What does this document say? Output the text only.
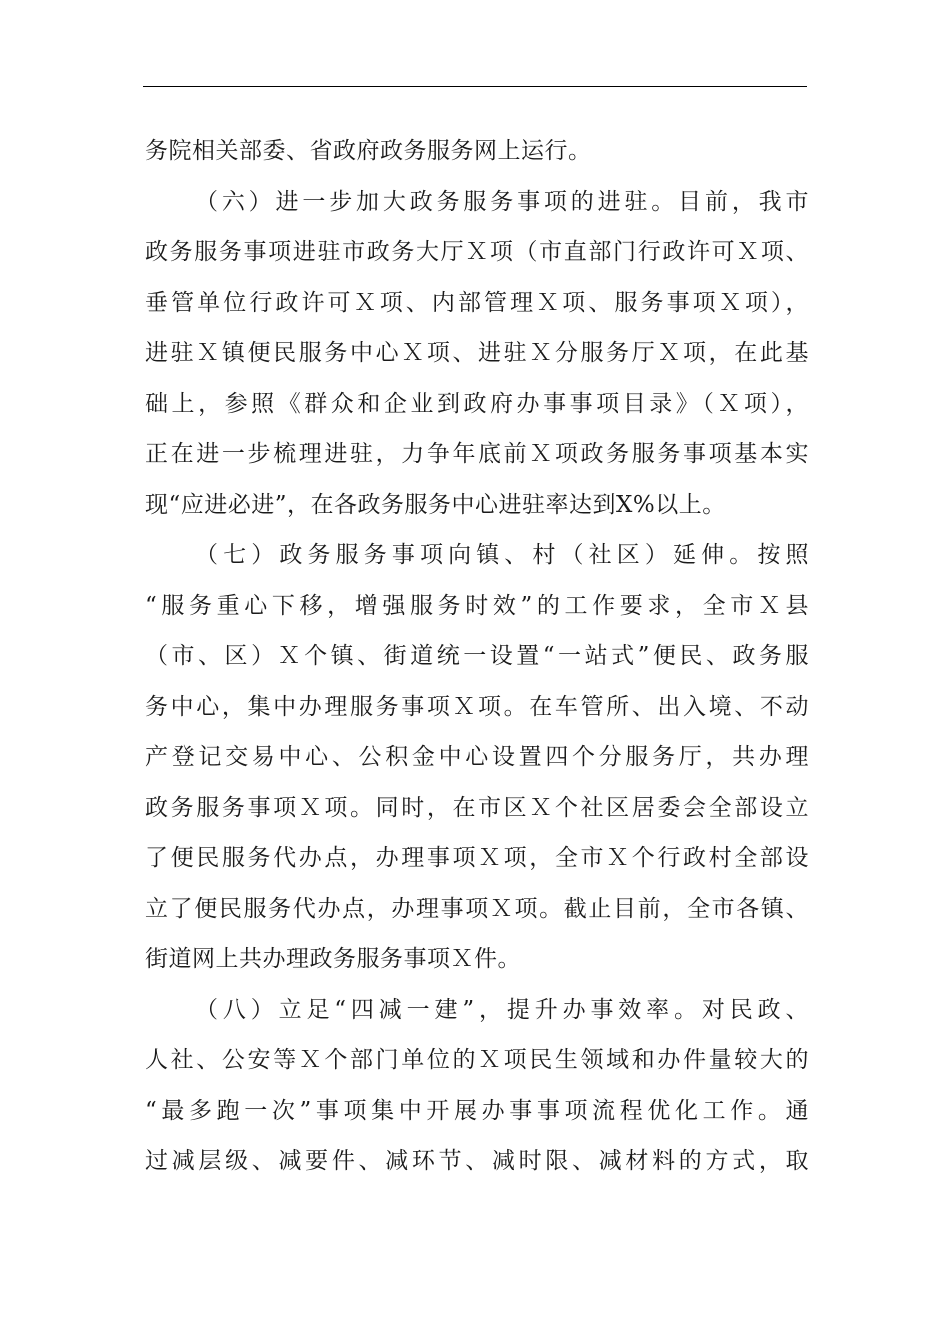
务院相关部委、省政府政务服务网上运行。
（六）进一步加大政务服务事项的进驻。目前，我市
政务服务事项进驻市政务大厅Ｘ项（市直部门行政许可Ｘ项、
垂管单位行政许可Ｘ项、内部管理Ｘ项、服务事项Ｘ项），
进驻Ｘ镇便民服务中心Ｘ项、进驻Ｘ分服务厅Ｘ项，在此基
础上，参照《群众和企业到政府办事事项目录》（Ｘ项），
正在进一步梳理进驻，力争年底前Ｘ项政务服务事项基本实
现“应进必进”，在各政务服务中心进驻率达到X%以上。
（七）政务服务事项向镇、村（社区）延伸。按照
“服务重心下移，增强服务时效”的工作要求，全市Ｘ县
（市、区）Ｘ个镇、街道统一设置“一站式”便民、政务服
务中心，集中办理服务事项Ｘ项。在车管所、出入境、不动
产登记交易中心、公积金中心设置四个分服务厅，共办理
政务服务事项Ｘ项。同时，在市区Ｘ个社区居委会全部设立
了便民服务代办点，办理事项Ｘ项，全市Ｘ个行政村全部设
立了便民服务代办点，办理事项Ｘ项。截止目前，全市各镇、
街道网上共办理政务服务事项Ｘ件。
（八）立足“四减一建”，提升办事效率。对民政、
人社、公安等Ｘ个部门单位的Ｘ项民生领域和办件量较大的
“最多跑一次”事项集中开展办事事项流程优化工作。通
过减层级、减要件、减环节、减时限、减材料的方式，取
